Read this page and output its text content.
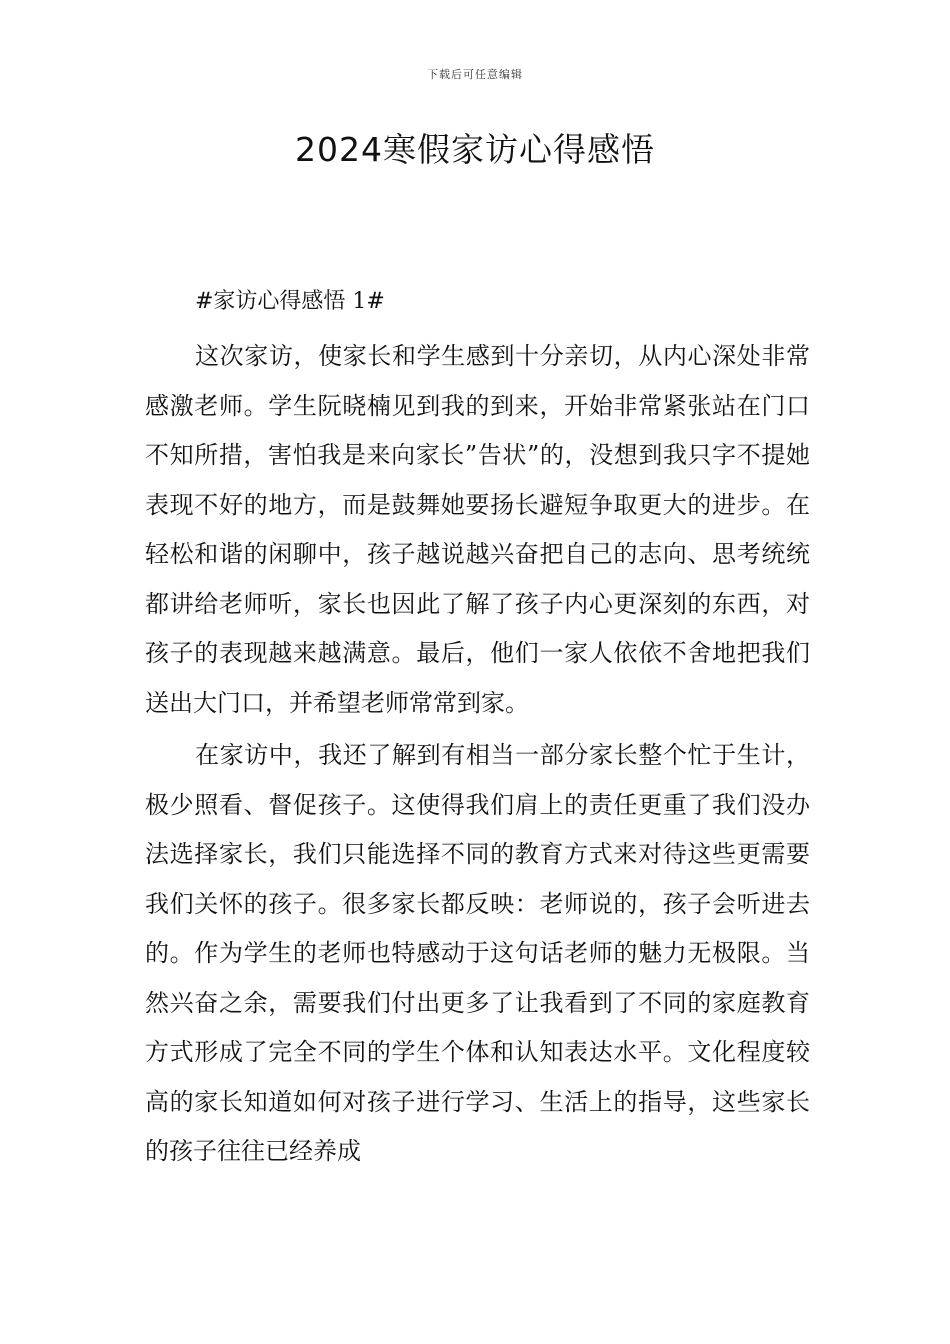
下载后可任意编辑
2024寒假家访心得感悟
#家访心得感悟 1#

这次家访，使家长和学生感到十分亲切，从内心深处非常感激老师。学生阮晓楠见到我的到来，开始非常紧张站在门口不知所措，害怕我是来向家长”告状”的，没想到我只字不提她表现不好的地方，而是鼓舞她要扬长避短争取更大的进步。在轻松和谐的闲聊中，孩子越说越兴奋把自己的志向、思考统统都讲给老师听，家长也因此了解了孩子内心更深刻的东西，对孩子的表现越来越满意。最后，他们一家人依依不舍地把我们送出大门口，并希望老师常常到家。

在家访中，我还了解到有相当一部分家长整个忙于生计，极少照看、督促孩子。这使得我们肩上的责任更重了我们没办法选择家长，我们只能选择不同的教育方式来对待这些更需要我们关怀的孩子。很多家长都反映：老师说的，孩子会听进去的。作为学生的老师也特感动于这句话老师的魅力无极限。当然兴奋之余，需要我们付出更多了让我看到了不同的家庭教育方式形成了完全不同的学生个体和认知表达水平。文化程度较高的家长知道如何对孩子进行学习、生活上的指导，这些家长的孩子往往已经养成
